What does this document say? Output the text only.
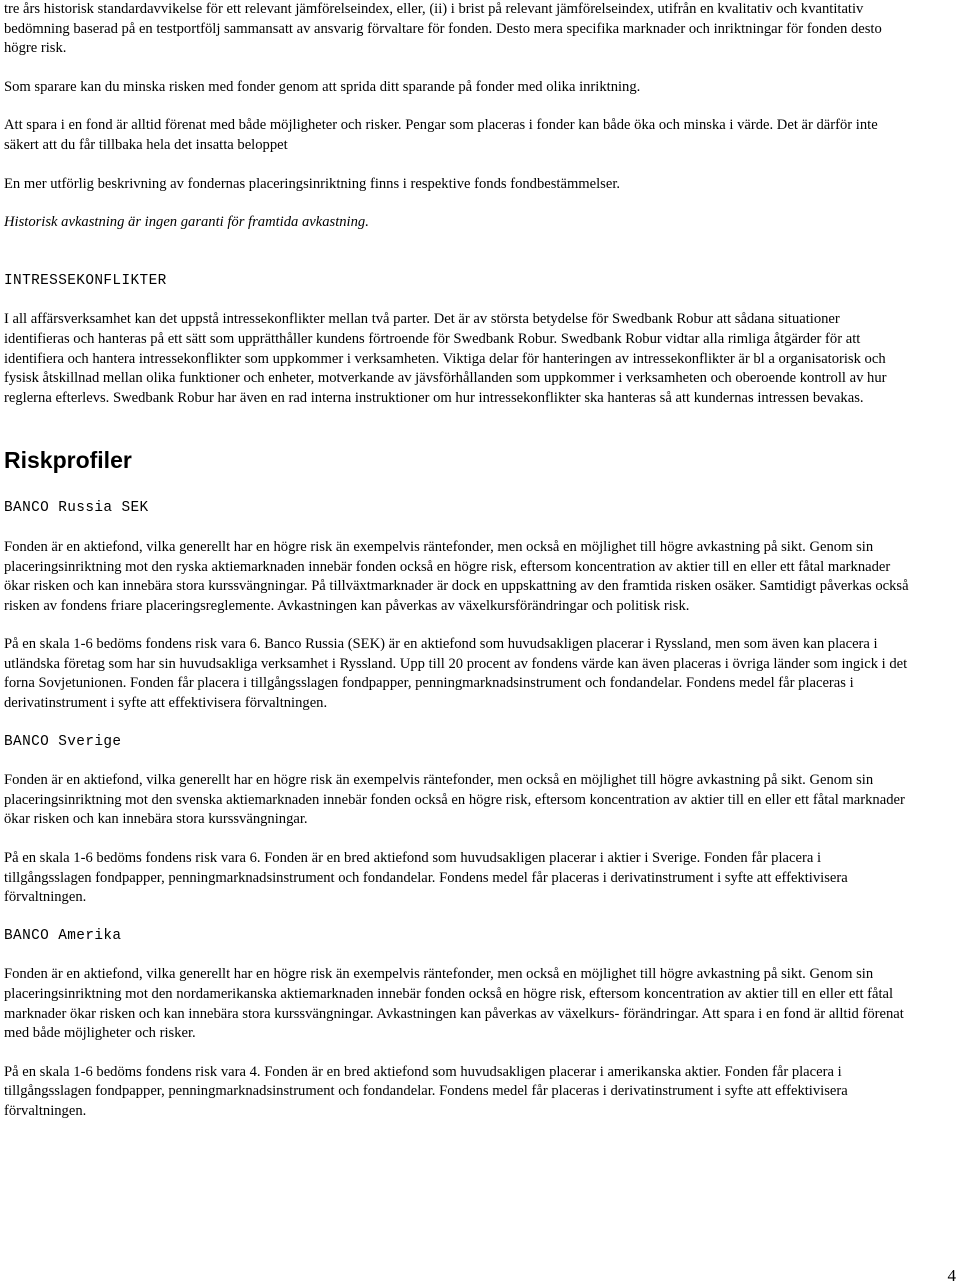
tre års historisk standardavvikelse för ett relevant jämförelseindex, eller, (ii) i brist på relevant jämförelseindex, utifrån en kvalitativ och kvantitativ bedömning baserad på en testportfölj sammansatt av ansvarig förvaltare för fonden. Desto mera specifika marknader och inriktningar för fonden desto högre risk.

Som sparare kan du minska risken med fonder genom att sprida ditt sparande på fonder med olika inriktning.

Att spara i en fond är alltid förenat med både möjligheter och risker. Pengar som placeras i fonder kan både öka och minska i värde. Det är därför inte säkert att du får tillbaka hela det insatta beloppet

En mer utförlig beskrivning av fondernas placeringsinriktning finns i respektive fonds fondbestämmelser.

Historisk avkastning är ingen garanti för framtida avkastning.

INTRESSEKONFLIKTER

I all affärsverksamhet kan det uppstå intressekonflikter mellan två parter. Det är av största betydelse för Swedbank Robur att sådana situationer identifieras och hanteras på ett sätt som upprätthåller kundens förtroende för Swedbank Robur. Swedbank Robur vidtar alla rimliga åtgärder för att identifiera och hantera intressekonflikter som uppkommer i verksamheten. Viktiga delar för hanteringen av intressekonflikter är bl a organisatorisk och fysisk åtskillnad mellan olika funktioner och enheter, motverkande av jävsförhållanden som uppkommer i verksamheten och oberoende kontroll av hur reglerna efterlevs. Swedbank Robur har även en rad interna instruktioner om hur intressekonflikter ska hanteras så att kundernas intressen bevakas.

Riskprofiler

BANCO Russia SEK

Fonden är en aktiefond, vilka generellt har en högre risk än exempelvis räntefonder, men också en möjlighet till högre avkastning på sikt. Genom sin placeringsinriktning mot den ryska aktiemarknaden innebär fonden också en högre risk, eftersom koncentration av aktier till en eller ett fåtal marknader ökar risken och kan innebära stora kurssvängningar. På tillväxtmarknader är dock en uppskattning av den framtida risken osäker. Samtidigt påverkas också risken av fondens friare placeringsreglemente. Avkastningen kan påverkas av växelkursförändringar och politisk risk.

På en skala 1-6 bedöms fondens risk vara 6. Banco Russia (SEK) är en aktiefond som huvudsakligen placerar i Ryssland, men som även kan placera i utländska företag som har sin huvudsakliga verksamhet i Ryssland. Upp till 20 procent av fondens värde kan även placeras i övriga länder som ingick i det forna Sovjetunionen. Fonden får placera i tillgångsslagen fondpapper, penningmarknadsinstrument och fondandelar. Fondens medel får placeras i derivatinstrument i syfte att effektivisera förvaltningen.

BANCO Sverige

Fonden är en aktiefond, vilka generellt har en högre risk än exempelvis räntefonder, men också en möjlighet till högre avkastning på sikt. Genom sin placeringsinriktning mot den svenska aktiemarknaden innebär fonden också en högre risk, eftersom koncentration av aktier till en eller ett fåtal marknader ökar risken och kan innebära stora kurssvängningar.

På en skala 1-6 bedöms fondens risk vara 6. Fonden är en bred aktiefond som huvudsakligen placerar i aktier i Sverige. Fonden får placera i tillgångsslagen fondpapper, penningmarknadsinstrument och fondandelar. Fondens medel får placeras i derivatinstrument i syfte att effektivisera förvaltningen.

BANCO Amerika

Fonden är en aktiefond, vilka generellt har en högre risk än exempelvis räntefonder, men också en möjlighet till högre avkastning på sikt. Genom sin placeringsinriktning mot den nordamerikanska aktiemarknaden innebär fonden också en högre risk, eftersom koncentration av aktier till en eller ett fåtal marknader ökar risken och kan innebära stora kurssvängningar. Avkastningen kan påverkas av växelkurs- förändringar. Att spara i en fond är alltid förenat med både möjligheter och risker.

På en skala 1-6 bedöms fondens risk vara 4. Fonden är en bred aktiefond som huvudsakligen placerar i amerikanska aktier. Fonden får placera i tillgångsslagen fondpapper, penningmarknadsinstrument och fondandelar. Fondens medel får placeras i derivatinstrument i syfte att effektivisera förvaltningen.

4
